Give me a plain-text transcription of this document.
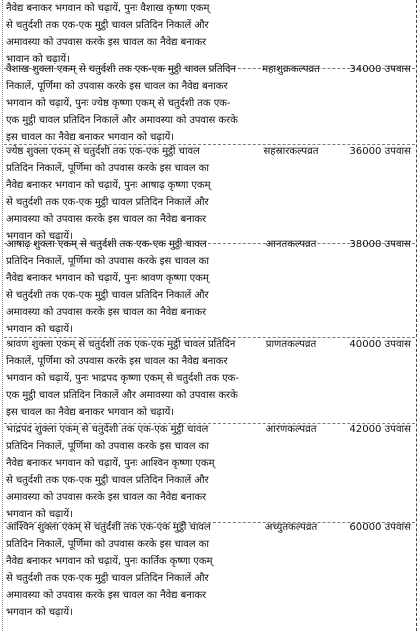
नैवेद्य बनाकर भगवान को चढ़ायें, पुनः वैशाख कृष्णा एकम्
से चतुर्दशी तक एक-एक मुट्ठी चावल प्रतिदिन निकालें और
अमावस्या को उपवास करके इस चावल का नैवेद्य बनाकर
भावान को चढ़ायें।
वैशाख शुक्ला एकम् से चतुर्दशी तक एक-एक मुट्ठी चावल प्रतिदिन
निकालें, पूर्णिमा को उपवास करके इस चावल का नैवेद्य बनाकर
भगवान को चढ़ायें, पुनः ज्येष्ठ कृष्णा एकम् से चतुर्दशी तक एक-
एक मुट्ठी चावल प्रतिदिन निकालें और अमावस्या को उपवास करके
इस चावल का नैवेद्य बनाकर भगवान को चढ़ायें।
महाशुक्रकल्पव्रत	34000 उपवास
ज्येष्ठ शुक्ला एकम् से चतुर्दशी तक एक-एक मुट्ठी चावल
प्रतिदिन निकालें, पूर्णिमा को उपवास करके इस चावल का
नैवेद्य बनाकर भगवान को चढ़ायें, पुनः आषाढ़ कृष्णा एकम्
से चतुर्दशी तक एक-एक मुट्ठी चावल प्रतिदिन निकालें और
अमावस्या को उपवास करके इस चावल का नैवेद्य बनाकर
भगवान को चढ़ायें।
सहस्रारकल्पव्रत	36000 उपवास
आषाढ़ शुक्ला एकम् से चतुर्दशी तक एक-एक मुट्ठी चावल
प्रतिदिन निकालें, पूर्णिमा को उपवास करके इस चावल का
नैवेद्य बनाकर भगवान को चढ़ायें, पुनः श्रावण कृष्णा एकम्
से चतुर्दशी तक एक-एक मुट्ठी चावल प्रतिदिन निकालें और
अमावस्या को उपवास करके इस चावल का नैवेद्य बनाकर
भगवान को चढ़ायें।
आनतकल्पव्रत	38000 उपवास
श्रावण शुक्ला एकम् से चतुर्दशी तक एक-एक मुट्ठी चावल प्रतिदिन
निकालें, पूर्णिमा को उपवास करके इस चावल का नैवेद्य बनाकर
भगवान को चढ़ायें, पुनः भाद्रपद कृष्णा एकम् से चतुर्दशी तक एक-
एक मुट्ठी चावल प्रतिदिन निकालें और अमावस्या को उपवास करके
इस चावल का नैवेद्य बनाकर भगवान को चढ़ायें।
प्राणतकल्पव्रत	40000 उपवास
भाद्रपद शुक्ला एकम् से चतुर्दशी तक एक-एक मुट्ठी चावल
प्रतिदिन निकालें, पूर्णिमा को उपवास करके इस चावल का
नैवेद्य बनाकर भगवान को चढ़ायें, पुनः आश्विन कृष्णा एकम्
से चतुर्दशी तक एक-एक मुट्ठी चावल प्रतिदिन निकालें और
अमावस्या को उपवास करके इस चावल का नैवेद्य बनाकर
भगवान को चढ़ायें।
आरणकल्पव्रत	42000 उपवास
आश्विन शुक्ला एकम् से चतुर्दशी तक एक-एक मुट्ठी चावल
प्रतिदिन निकालें, पूर्णिमा को उपवास करके इस चावल का
नैवेद्य बनाकर भगवान को चढ़ायें, पुनः कार्तिक कृष्णा एकम्
से चतुर्दशी तक एक-एक मुट्ठी चावल प्रतिदिन निकालें और
अमावस्या को उपवास करके इस चावल का नैवेद्य बनाकर
भगवान को चढ़ायें।
अच्युतकल्पव्रत	60000 उपवास
